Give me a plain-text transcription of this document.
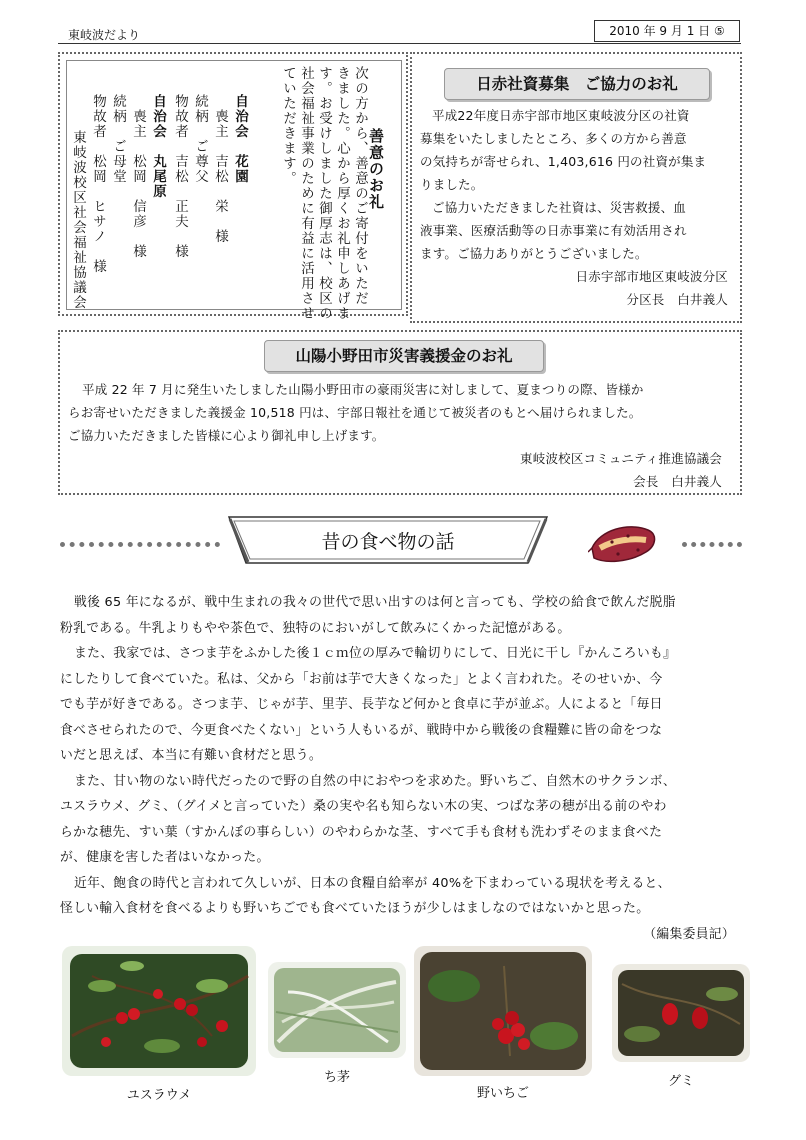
東岐波だより	2010 年 9 月 1 日 ⑤
善意のお礼
次の方から、善意のご寄付をいただ
きました。心から厚くお礼申しあげま
す。お受けしました御厚志は、校区の
社会福祉事業のために有益に活用させ
ていただきます。
自治会　花園
　喪主　吉松　栄　様
続柄　ご尊父
物故者　吉松　正夫　様
自治会　丸尾原
　喪主　松岡　信彦　様
続柄　ご母堂
物故者　松岡　ヒサノ　様
東岐波校区社会福祉協議会
日赤社資募集　ご協力のお礼
平成22年度日赤宇部市地区東岐波分区の社資
募集をいたしましたところ、多くの方から善意
の気持ちが寄せられ、1,403,616 円の社資が集ま
りました。
ご協力いただきました社資は、災害救援、血
液事業、医療活動等の日赤事業に有効活用され
ます。ご協力ありがとうございました。
日赤宇部市地区東岐波分区
分区長　白井義人
山陽小野田市災害義援金のお礼
平成 22 年 7 月に発生いたしました山陽小野田市の豪雨災害に対しまして、夏まつりの際、皆様か
らお寄せいただきました義援金 10,518 円は、宇部日報社を通じて被災者のもとへ届けられました。
ご協力いただきました皆様に心より御礼申し上げます。
東岐波校区コミュニティ推進協議会
会長　白井義人
昔の食べ物の話
戦後 65 年になるが、戦中生まれの我々の世代で思い出すのは何と言っても、学校の給食で飲んだ脱脂
粉乳である。牛乳よりもやや茶色で、独特のにおいがして飲みにくかった記憶がある。
また、我家では、さつま芋をふかした後１ｃｍ位の厚みで輪切りにして、日光に干し『かんころいも』
にしたりして食べていた。私は、父から「お前は芋で大きくなった」とよく言われた。そのせいか、今
でも芋が好きである。さつま芋、じゃが芋、里芋、長芋など何かと食卓に芋が並ぶ。人によると「毎日
食べさせられたので、今更食べたくない」という人もいるが、戦時中から戦後の食糧難に皆の命をつな
いだと思えば、本当に有難い食材だと思う。
また、甘い物のない時代だったので野の自然の中におやつを求めた。野いちご、自然木のサクランボ、
ユスラウメ、グミ、（グイメと言っていた）桑の実や名も知らない木の実、つばな茅の穂が出る前のやわ
らかな穂先、すい葉（すかんぼの事らしい）のやわらかな茎、すべて手も食材も洗わずそのまま食べた
が、健康を害した者はいなかった。
近年、飽食の時代と言われて久しいが、日本の食糧自給率が 40%を下まわっている現状を考えると、
怪しい輸入食材を食べるよりも野いちごでも食べていたほうが少しはましなのではないかと思った。
（編集委員記）
ユスラウメ
ち茅
野いちご
グミ
